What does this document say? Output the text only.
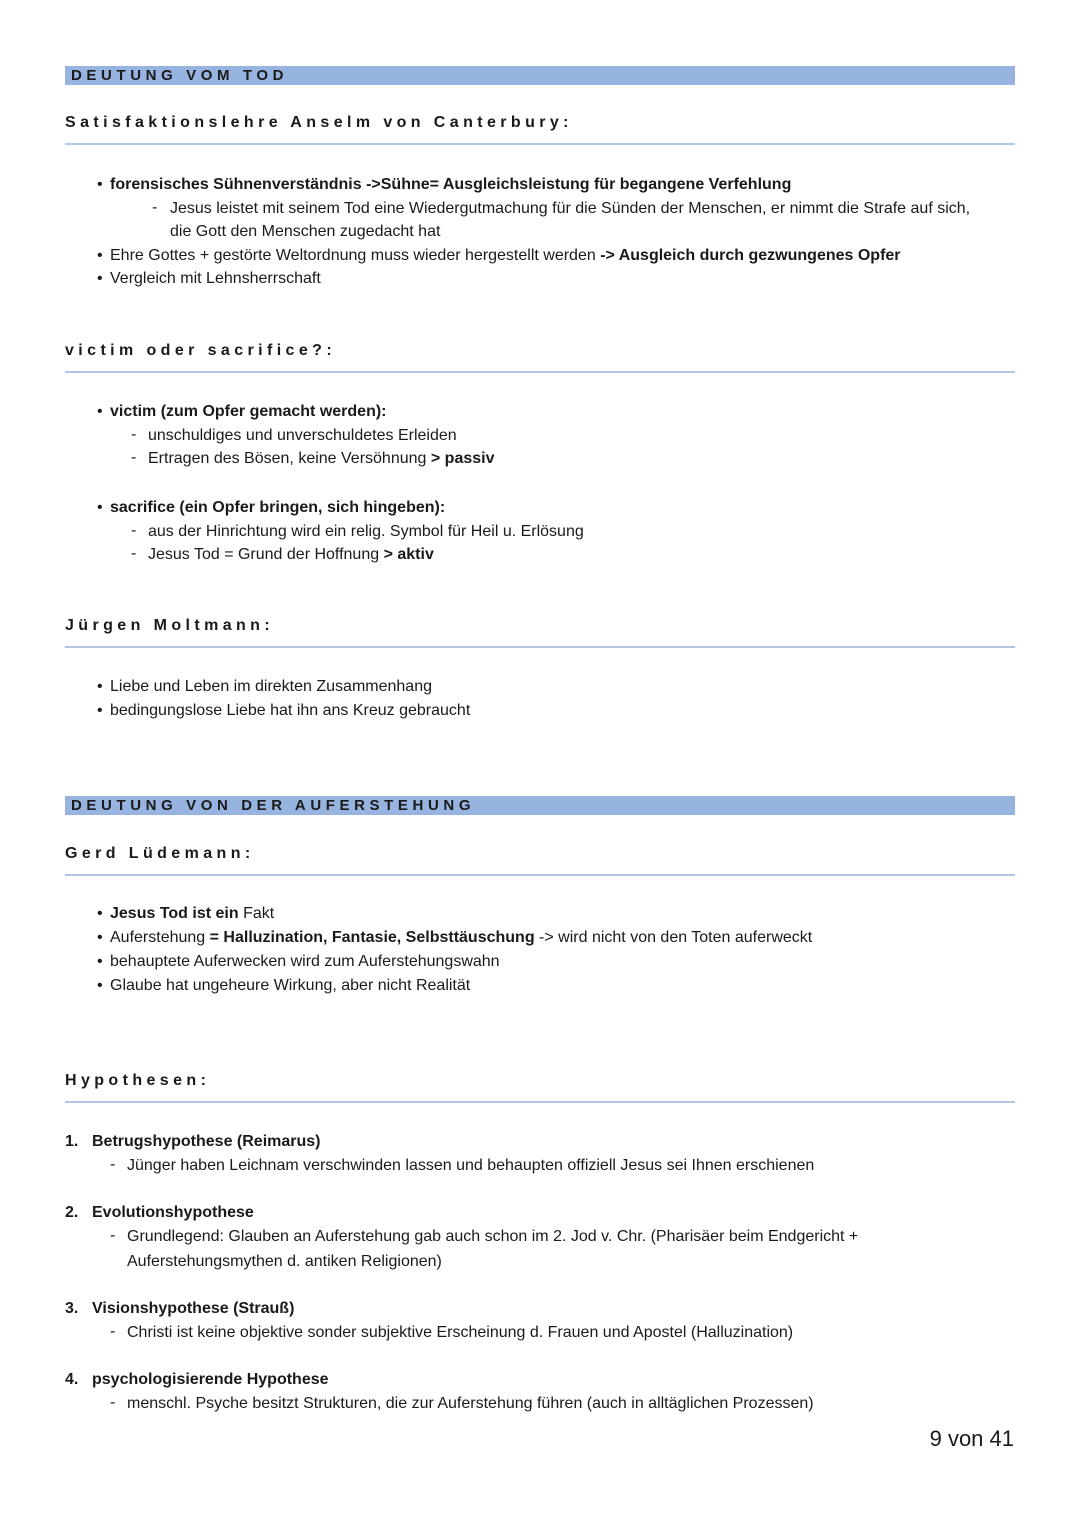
DEUTUNG VOM TOD
Satisfaktionslehre Anselm von Canterbury:
• forensisches Sühnenverständnis ->Sühne= Ausgleichsleistung für begangene Verfehlung
- Jesus leistet mit seinem Tod eine Wiedergutmachung für die Sünden der Menschen, er nimmt die Strafe auf sich,
die Gott den Menschen zugedacht hat
• Ehre Gottes + gestörte Weltordnung muss wieder hergestellt werden -> Ausgleich durch gezwungenes Opfer
• Vergleich mit Lehnsherrschaft
victim oder sacrifice?:
• victim (zum Opfer gemacht werden):
- unschuldiges und unverschuldetes Erleiden
- Ertragen des Bösen, keine Versöhnung > passiv
• sacrifice (ein Opfer bringen, sich hingeben):
- aus der Hinrichtung wird ein relig. Symbol für Heil u. Erlösung
- Jesus Tod = Grund der Hoffnung > aktiv
Jürgen Moltmann:
• Liebe und Leben im direkten Zusammenhang
• bedingungslose Liebe hat ihn ans Kreuz gebraucht
DEUTUNG VON DER AUFERSTEHUNG
Gerd Lüdemann:
• Jesus Tod ist ein Fakt
• Auferstehung = Halluzination, Fantasie, Selbsttäuschung -> wird nicht von den Toten auferweckt
• behauptete Auferwecken wird zum Auferstehungswahn
• Glaube hat ungeheure Wirkung, aber nicht Realität
Hypothesen:
1. Betrugshypothese (Reimarus)
- Jünger haben Leichnam verschwinden lassen und behaupten offiziell Jesus sei Ihnen erschienen
2. Evolutionshypothese
- Grundlegend: Glauben an Auferstehung gab auch schon im 2. Jod v. Chr. (Pharisäer beim Endgericht +
Auferstehungsmythen d. antiken Religionen)
3. Visionshypothese (Strauß)
- Christi ist keine objektive sonder subjektive Erscheinung d. Frauen und Apostel (Halluzination)
4. psychologisierende Hypothese
- menschl. Psyche besitzt Strukturen, die zur Auferstehung führen (auch in alltäglichen Prozessen)
9 von 41
